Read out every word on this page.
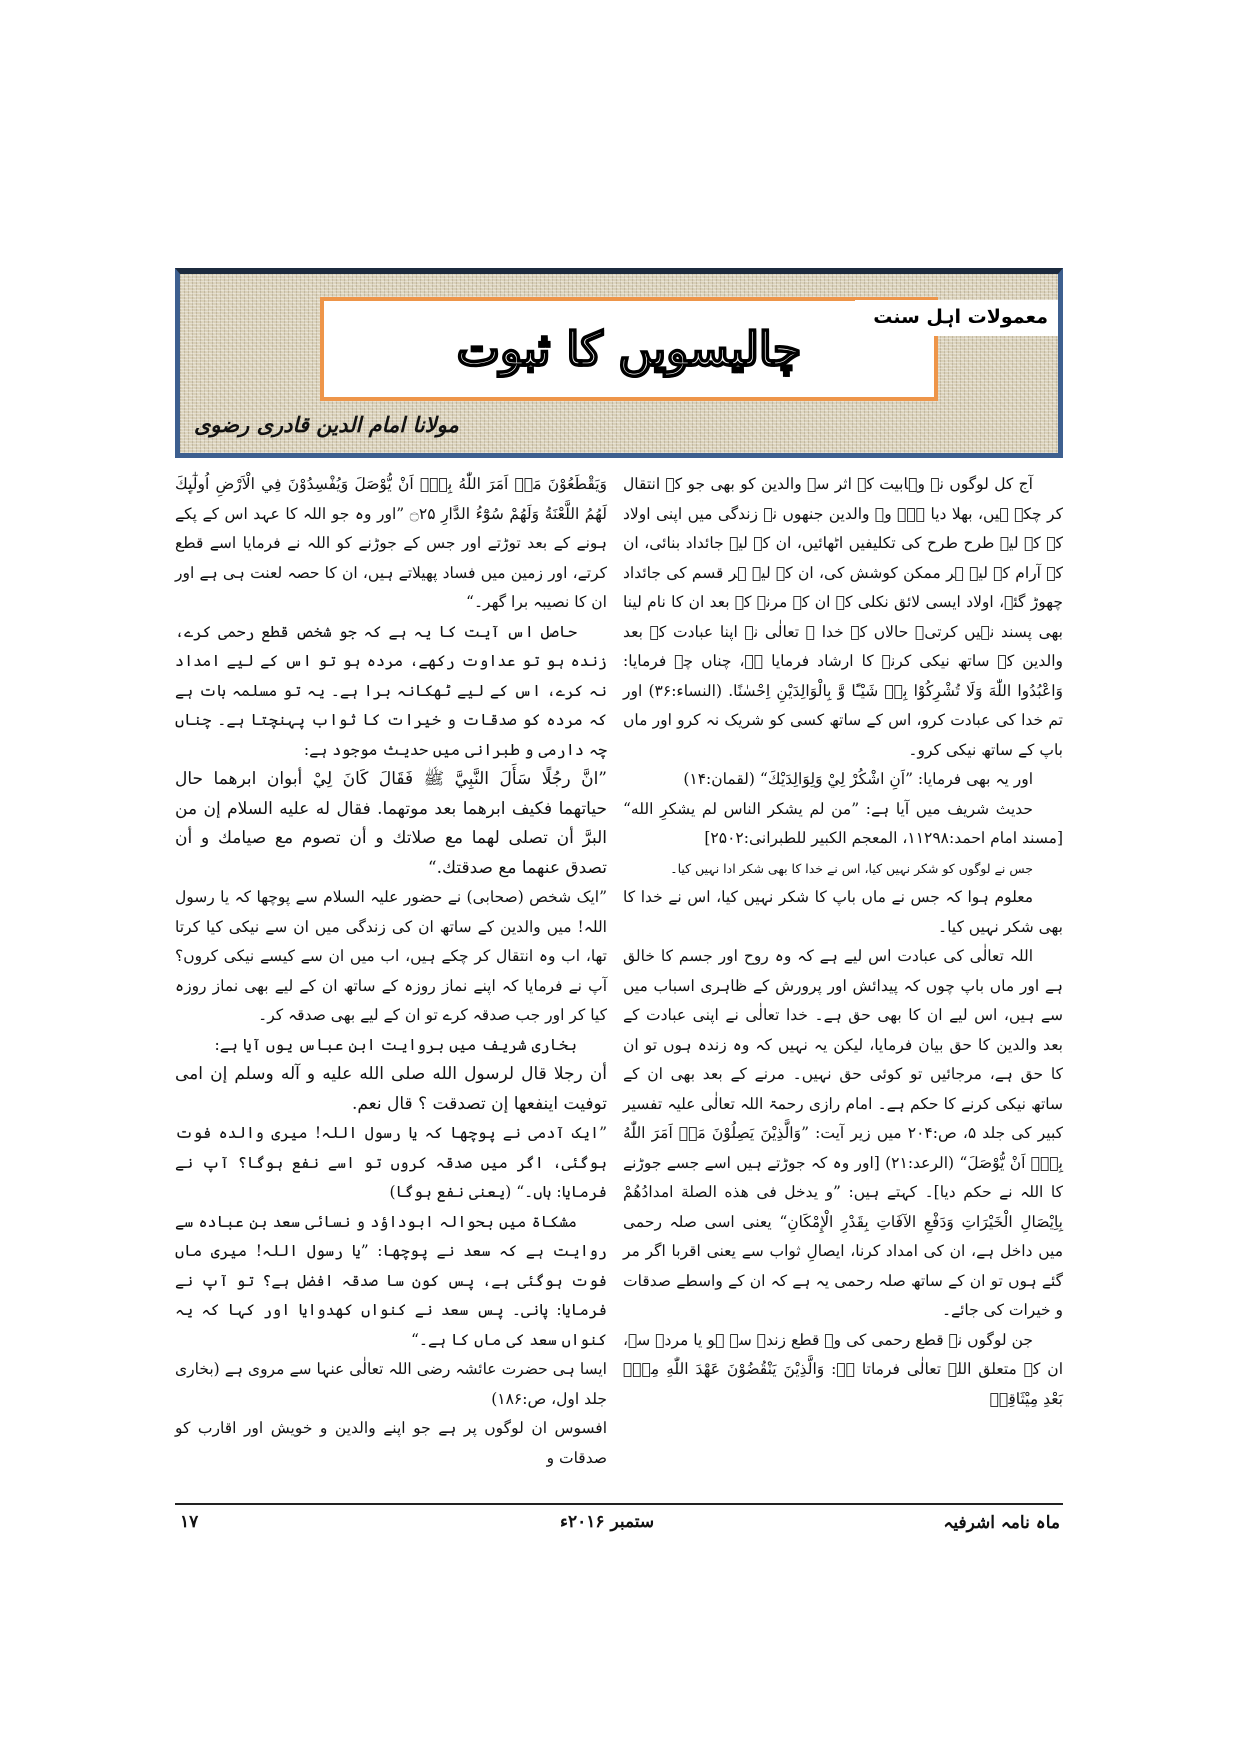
چالیسویں کا ثبوت
معمولات اہل سنت
مولانا امام الدین قادری رضوی

آج کل لوگوں نے وہابیت کے اثر سے والدین کو بھی جو کہ انتقال کر چکے ہیں، بھلا دیا ہے۔ وہ والدین جنھوں نے زندگی میں اپنی اولاد کے کے لیے طرح طرح کی تکلیفیں اٹھائیں، ان کے لیے جائداد بنائی، ان کے آرام کے لیے ہر ممکن کوشش کی، ان کے لیے ہر قسم کی جائداد چھوڑ گئے، اولاد ایسی لائق نکلی کہ ان کے مرنے کے بعد ان کا نام لینا بھی پسند نہیں کرتی۔ حالاں کہ خدا ے تعالٰی نے اپنا عبادت کے بعد والدین کے ساتھ نیکی کرنے کا ارشاد فرمایا ہے، چناں چہ فرمایا: وَاعْبُدُوا اللّٰهَ وَلَا تُشْرِكُوْا بِهٖ شَيْـًٔا وَّ بِالْوَالِدَيْنِ اِحْسٰنًا. (النساء:۳۶) اور تم خدا کی عبادت کرو، اس کے ساتھ کسی کو شریک نہ کرو اور ماں باپ کے ساتھ نیکی کرو۔

اور یہ بھی فرمایا: ”اَنِ اشْكُرْ لِيْ وَلِوَالِدَيْكَ“ (لقمان:۱۴)

حدیث شریف میں آیا ہے: ”من لم يشكر الناس لم يشكرِ الله“ [مسند امام احمد:۱۱۲۹۸، المعجم الکبیر للطبرانی:۲۵۰۲]

جس نے لوگوں کو شکر نہیں کیا، اس نے خدا کا بھی شکر ادا نہیں کیا۔

معلوم ہوا کہ جس نے ماں باپ کا شکر نہیں کیا، اس نے خدا کا بھی شکر نہیں کیا۔

اللہ تعالٰی کی عبادت اس لیے ہے کہ وہ روح اور جسم کا خالق ہے اور ماں باپ چوں کہ پیدائش اور پرورش کے ظاہری اسباب میں سے ہیں، اس لیے ان کا بھی حق ہے۔ خدا تعالٰی نے اپنی عبادت کے بعد والدین کا حق بیان فرمایا، لیکن یہ نہیں کہ وہ زندہ ہوں تو ان کا حق ہے، مرجائیں تو کوئی حق نہیں۔ مرنے کے بعد بھی ان کے ساتھ نیکی کرنے کا حکم ہے۔ امام رازی رحمۃ اللہ تعالٰی علیہ تفسیر کبیر کی جلد ۵، ص:۲۰۴ میں زیر آیت: ”وَالَّذِيْنَ يَصِلُوْنَ مَاۤ اَمَرَ اللّٰهُ بِهٖۤ اَنْ يُّوْصَلَ“ (الرعد:۲۱) [اور وہ کہ جوڑتے ہیں اسے جسے جوڑنے کا اللہ نے حکم دیا]۔ کہتے ہیں: ”و يدخل فی هذه الصلة امدادُهُمْ بِاِيْصَالِ الْخَيْرَاتِ وَدَفْعِ الآفَاتِ بِقَدْرِ الْإِمْكَانِ“ یعنی اسی صلہ رحمی میں داخل ہے، ان کی امداد کرنا، ایصالِ ثواب سے یعنی اقربا اگر مر گئے ہوں تو ان کے ساتھ صلہ رحمی یہ ہے کہ ان کے واسطے صدقات و خیرات کی جائے۔

جن لوگوں نے قطع رحمی کی وہ قطع زندہ سے ہو یا مردہ سے، ان کے متعلق اللہ تعالٰی فرماتا ہے: وَالَّذِيْنَ يَنْقُضُوْنَ عَهْدَ اللّٰهِ مِنْۢ بَعْدِ مِيْثَاقِهٖ

وَيَقْطَعُوْنَ مَاۤ اَمَرَ اللّٰهُ بِهٖۤ اَنْ يُّوْصَلَ وَيُفْسِدُوْنَ فِي الْاَرْضِ اُولٰٓىِٕكَ لَهُمُ اللَّعْنَةُ وَلَهُمْ سُوْٓءُ الدَّارِ ۝۲۵ ”اور وہ جو اللہ کا عہد اس کے پکے ہونے کے بعد توڑتے اور جس کے جوڑنے کو اللہ نے فرمایا اسے قطع کرتے، اور زمین میں فساد پھیلاتے ہیں، ان کا حصہ لعنت ہی ہے اور ان کا نصیبہ برا گھر۔“

حاصل اس آیت کا یہ ہے کہ جو شخص قطع رحمی کرے، زندہ ہو تو عداوت رکھے، مردہ ہو تو اس کے لیے امداد نہ کرے، اس کے لیے ٹھکانہ برا ہے۔ یہ تو مسلمہ بات ہے کہ مردہ کو صدقات و خیرات کا ثواب پہنچتا ہے۔ چناں چہ دارمی و طبرانی میں حدیث موجود ہے:

”انَّ رجُلًا سَأَلَ النَّبِيَّ ﷺ فَقَالَ كَانَ لِيْ أبوان ابرهما حال حياتهما فكيف ابرهما بعد موتهما. فقال له عليه السلام إن من البرَّ أن تصلى لهما مع صلاتك و أن تصوم مع صيامك و أن تصدق عنهما مع صدقتك.“

”ایک شخص (صحابی) نے حضور علیہ السلام سے پوچھا کہ یا رسول اللہ! میں والدین کے ساتھ ان کی زندگی میں ان سے نیکی کیا کرتا تھا، اب وہ انتقال کر چکے ہیں، اب میں ان سے کیسے نیکی کروں؟ آپ نے فرمایا کہ اپنے نماز روزہ کے ساتھ ان کے لیے بھی نماز روزہ کیا کر اور جب صدقہ کرے تو ان کے لیے بھی صدقہ کر۔

بخاری شریف میں بروایت ابن عباس یوں آیا ہے:

أن رجلا قال لرسول الله صلى الله عليه و آله وسلم إن امى توفيت اينفعها إن تصدقت ؟ قال نعم.

”ایک آدمی نے پوچھا کہ یا رسول اللہ! میری والدہ فوت ہوگئی، اگر میں صدقہ کروں تو اسے نفع ہوگا؟ آپ نے فرمایا: ہاں۔“ (یعنی نفع ہوگا)

مشکاۃ میں بحوالہ ابوداؤد و نسائی سعد بن عبادہ سے روایت ہے کہ سعد نے پوچھا: ”یا رسول اللہ! میری ماں فوت ہوگئی ہے، پس کون سا صدقہ افضل ہے؟ تو آپ نے فرمایا: پانی۔ پس سعد نے کنواں کھدوایا اور کہا کہ یہ کنواں سعد کی ماں کا ہے۔“

ایسا ہی حضرت عائشہ رضی اللہ تعالٰی عنہا سے مروی ہے (بخاری جلد اول، ص:۱۸۶)

افسوس ان لوگوں پر ہے جو اپنے والدین و خویش اور اقارب کو صدقات و

ماہ نامہ اشرفیہ
ستمبر ۲۰۱۶ء
۱۷
